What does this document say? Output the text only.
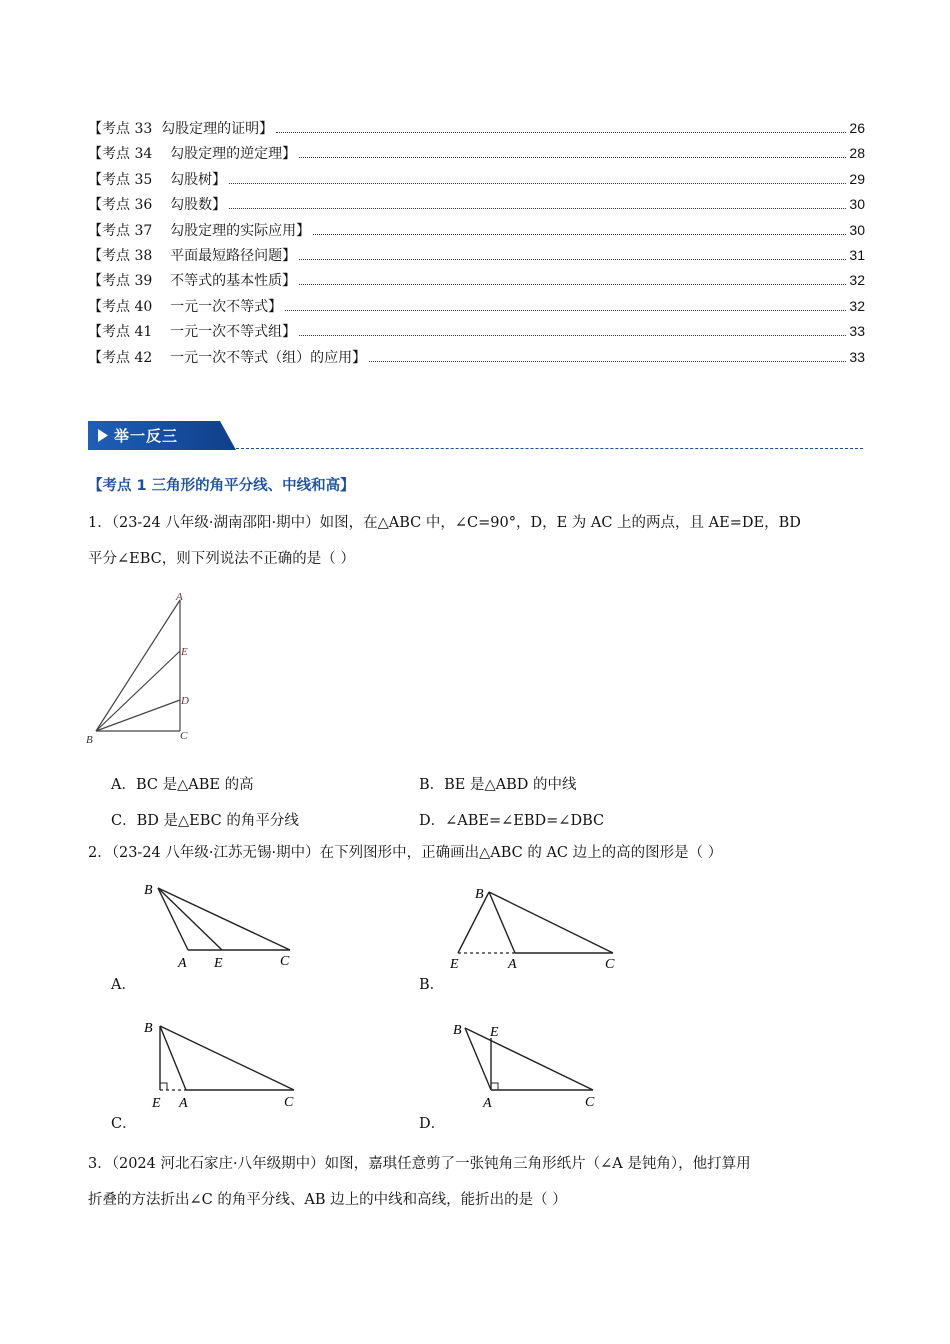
【考点 33  勾股定理的证明】	26
【考点 34    勾股定理的逆定理】	28
【考点 35    勾股树】	29
【考点 36    勾股数】	30
【考点 37    勾股定理的实际应用】	30
【考点 38    平面最短路径问题】	31
【考点 39    不等式的基本性质】	32
【考点 40    一元一次不等式】	32
【考点 41    一元一次不等式组】	33
【考点 42    一元一次不等式（组）的应用】	33
举一反三
【考点 1 三角形的角平分线、中线和高】
1．（23-24 八年级·湖南邵阳·期中）如图，在△ABC 中，∠C=90°，D，E 为 AC 上的两点，且 AE=DE，BD
平分∠EBC，则下列说法不正确的是（ ）
A
E
D
B	C
A．BC 是△ABE 的高	B．BE 是△ABD 的中线
C．BD 是△EBC 的角平分线	D．∠ABE=∠EBD=∠DBC
2．（23-24 八年级·江苏无锡·期中）在下列图形中，正确画出△ABC 的 AC 边上的高的图形是（ ）
B
A E	C
A．
B
E	A	C
B．
B
E A	C
C．
B E
A	C
D．
3．（2024 河北石家庄·八年级期中）如图，嘉琪任意剪了一张钝角三角形纸片（∠A 是钝角），他打算用
折叠的方法折出∠C 的角平分线、AB 边上的中线和高线，能折出的是（ ）
